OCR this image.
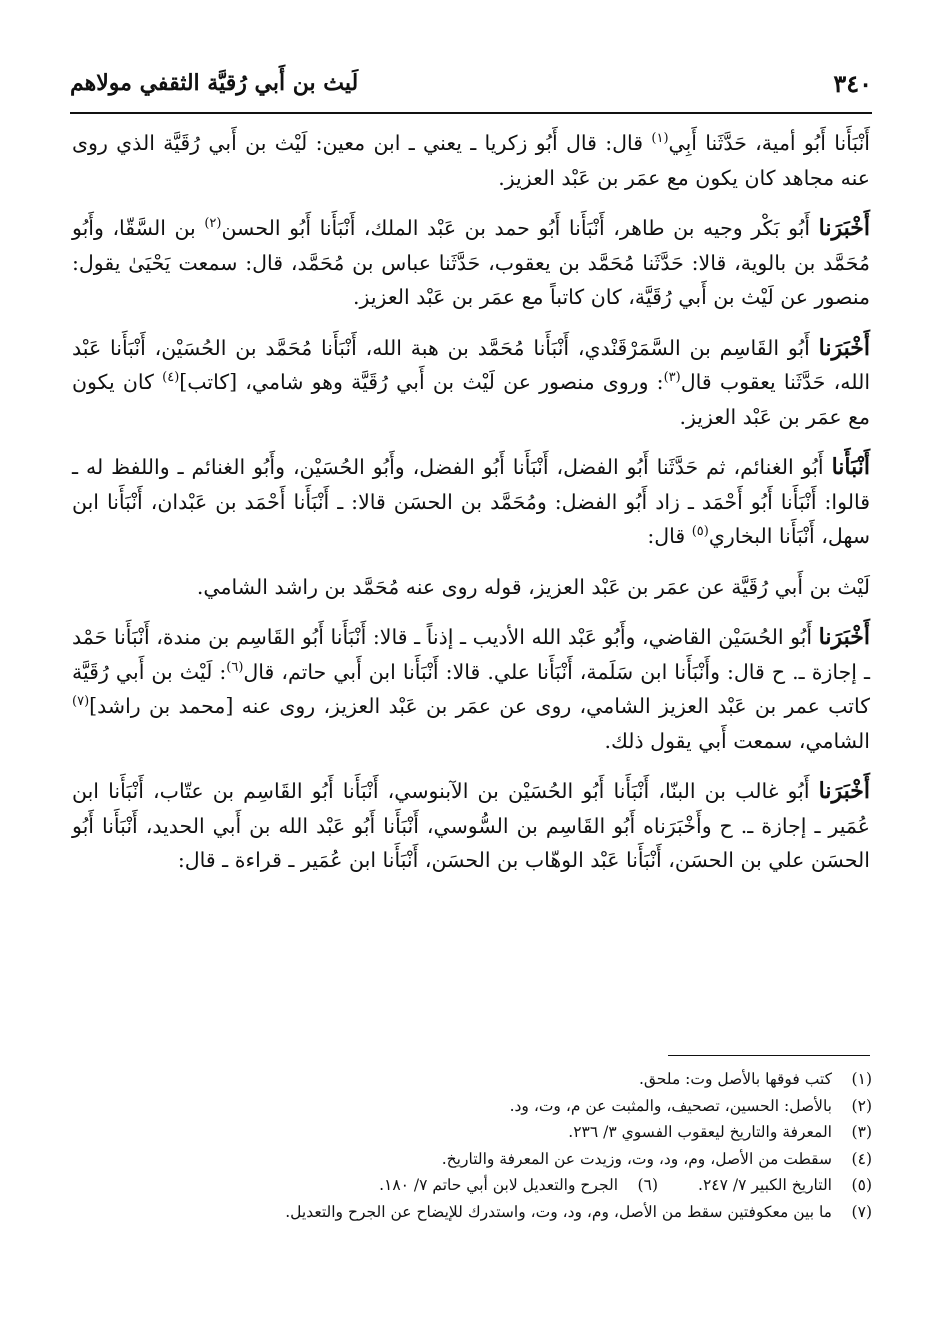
٣٤٠
لَيث بن أَبي رُقيَّة الثقفي مولاهم

أَنْبَأَنا أَبُو أمية، حَدَّثَنا أَبِي$^{(١)}$ قال: قال أَبُو زكريا ـ يعني ـ ابن معين: لَيْث بن أَبي رُقَيَّة الذي روى عنه مجاهد كان يكون مع عمَر بن عَبْد العزيز.

أَخْبَرَنا أَبُو بَكْر وجيه بن طاهر، أَنْبَأَنا أَبُو حمد بن عَبْد الملك، أَنْبَأَنا أَبُو الحسن$^{(٢)}$ بن السَّقّا، وأَبُو مُحَمَّد بن بالوية، قالا: حَدَّثَنا مُحَمَّد بن يعقوب، حَدَّثَنا عباس بن مُحَمَّد، قال: سمعت يَحْيَىٰ يقول: منصور عن لَيْث بن أَبي رُقَيَّة، كان كاتباً مع عمَر بن عَبْد العزيز.

أَخْبَرَنا أَبُو القَاسِم بن السَّمَرْقَنْدي، أَنْبَأَنا مُحَمَّد بن هبة الله، أَنْبَأَنا مُحَمَّد بن الحُسَيْن، أَنْبَأَنا عَبْد الله، حَدَّثَنا يعقوب قال$^{(٣)}$: وروى منصور عن لَيْث بن أَبي رُقَيَّة وهو شامي، [كاتب]$^{(٤)}$ كان يكون مع عمَر بن عَبْد العزيز.

أَنْبَأَنا أَبُو الغنائم، ثم حَدَّثَنا أَبُو الفضل، أَنْبَأَنا أَبُو الفضل، وأَبُو الحُسَيْن، وأَبُو الغنائم ـ واللفظ له ـ قالوا: أَنْبَأَنا أَبُو أَحْمَد ـ زاد أَبُو الفضل: ومُحَمَّد بن الحسَن قالا: ـ أَنْبَأَنا أَحْمَد بن عَبْدان، أَنْبَأَنا ابن سهل، أَنْبَأَنا البخاري$^{(٥)}$ قال:

لَيْث بن أَبي رُقَيَّة عن عمَر بن عَبْد العزيز، قوله روى عنه مُحَمَّد بن راشد الشامي.

أَخْبَرَنا أَبُو الحُسَيْن القاضي، وأَبُو عَبْد الله الأديب ـ إذناً ـ قالا: أَنْبَأَنا أَبُو القَاسِم بن مندة، أَنْبَأَنا حَمْد ـ إجازة ـ. ح قال: وأَنْبَأَنا ابن سَلَمة، أَنْبَأَنا علي. قالا: أَنْبَأَنا ابن أَبي حاتم، قال$^{(٦)}$: لَيْث بن أَبي رُقَيَّة كاتب عمر بن عَبْد العزيز الشامي، روى عن عمَر بن عَبْد العزيز، روى عنه [محمد بن راشد]$^{(٧)}$ الشامي، سمعت أَبي يقول ذلك.

أَخْبَرَنا أَبُو غالب بن البنّا، أَنْبَأَنا أَبُو الحُسَيْن بن الآبنوسي، أَنْبَأَنا أَبُو القَاسِم بن عتّاب، أَنْبَأَنا ابن عُمَير ـ إجازة ـ. ح وأَخْبَرَناه أَبُو القَاسِم بن السُّوسي، أَنْبَأَنا أَبُو عَبْد الله بن أَبي الحديد، أَنْبَأَنا أَبُو الحسَن علي بن الحسَن، أَنْبَأَنا عَبْد الوهّاب بن الحسَن، أَنْبَأَنا ابن عُمَير ـ قراءة ـ قال:

(١)
كتب فوقها بالأصل وت: ملحق.
(٢)
بالأصل: الحسين، تصحيف، والمثبت عن م، وت، ود.
(٣)
المعرفة والتاريخ ليعقوب الفسوي ٣/ ٢٣٦.
(٤)
سقطت من الأصل، وم، ود، وت، وزيدت عن المعرفة والتاريخ.
(٥)
التاريخ الكبير ٧/ ٢٤٧.
(٦)
الجرح والتعديل لابن أبي حاتم ٧/ ١٨٠.
(٧)
ما بين معكوفتين سقط من الأصل، وم، ود، وت، واستدرك للإيضاح عن الجرح والتعديل.
